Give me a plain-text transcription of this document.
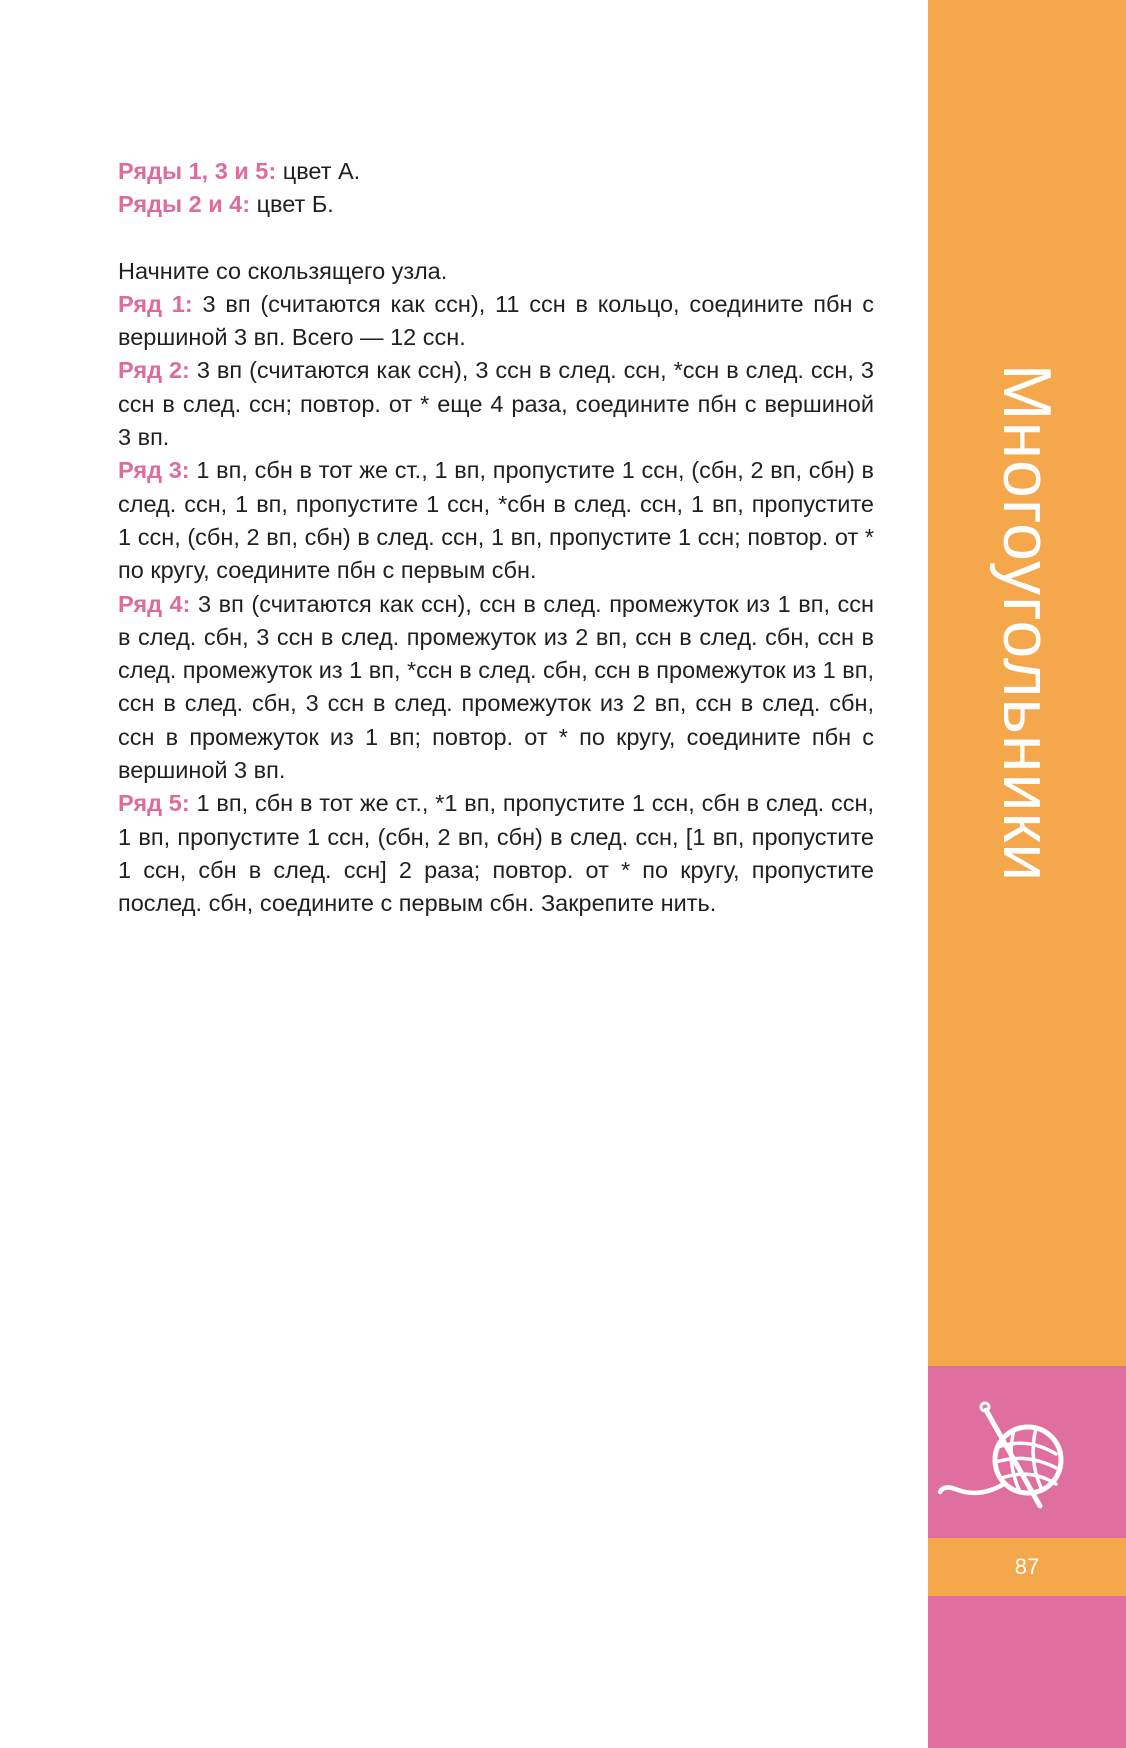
Ряды 1, 3 и 5: цвет А.

Ряды 2 и 4: цвет Б.

Начните со скользящего узла.

Ряд 1: 3 вп (считаются как ссн), 11 ссн в кольцо, соедините пбн с вершиной 3 вп. Всего — 12 ссн.

Ряд 2: 3 вп (считаются как ссн), 3 ссн в след. ссн, *ссн в след. ссн, 3 ссн в след. ссн; повтор. от * еще 4 раза, соедините пбн с вершиной 3 вп.

Ряд 3: 1 вп, сбн в тот же ст., 1 вп, пропустите 1 ссн, (сбн, 2 вп, сбн) в след. ссн, 1 вп, пропустите 1 ссн, *сбн в след. ссн, 1 вп, пропустите 1 ссн, (сбн, 2 вп, сбн) в след. ссн, 1 вп, пропустите 1 ссн; повтор. от * по кругу, соедините пбн с первым сбн.

Ряд 4: 3 вп (считаются как ссн), ссн в след. промежуток из 1 вп, ссн в след. сбн, 3 ссн в след. промежуток из 2 вп, ссн в след. сбн, ссн в след. промежуток из 1 вп, *ссн в след. сбн, ссн в промежуток из 1 вп, ссн в след. сбн, 3 ссн в след. промежуток из 2 вп, ссн в след. сбн, ссн в промежуток из 1 вп; повтор. от * по кругу, соедините пбн с вершиной 3 вп.

Ряд 5: 1 вп, сбн в тот же ст., *1 вп, пропустите 1 ссн, сбн в след. ссн, 1 вп, пропустите 1 ссн, (сбн, 2 вп, сбн) в след. ссн, [1 вп, пропустите 1 ссн, сбн в след. ссн] 2 раза; повтор. от * по кругу, пропустите послед. сбн, соедините с первым сбн. Закрепите нить.

Многоугольники
87
